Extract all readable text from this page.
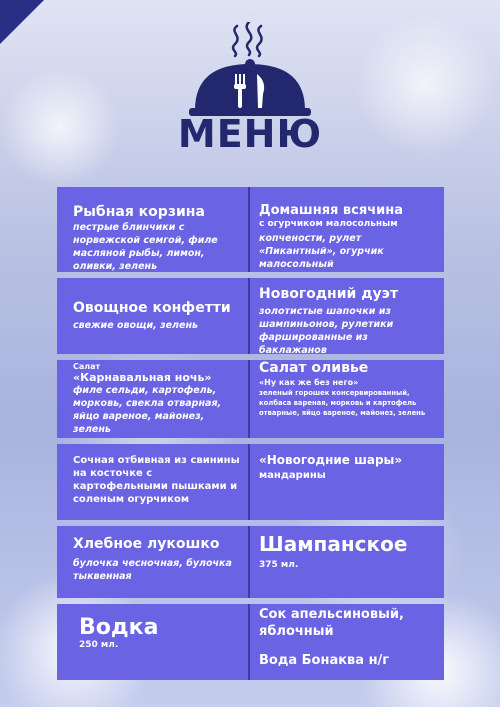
МЕНЮ

Рыбная корзина

пестрые блинчики с норвежской семгой, филе масляной рыбы, лимон, оливки, зелень

Домашняя всячина

с огурчиком малосольным

копчености, рулет «Пикантный», огурчик малосольный

Овощное конфетти

свежие овощи, зелень

Новогодний дуэт

золотистые шапочки из шампиньонов, рулетики фаршированные из баклажанов

Салат

«Карнавальная ночь»

филе сельди, картофель, морковь, свекла отварная, яйцо вареное, майонез, зелень

Салат оливье

«Ну как же без него»

зеленый горошек консервированный, колбаса вареная, морковь и картофель отварные, яйцо вареное, майонез, зелень

Сочная отбивная из свинины на косточке с картофельными пышками и соленым огурчиком

«Новогодние шары»

мандарины

Хлебное лукошко

булочка чесночная, булочка тыквенная

Шампанское

375 мл.

Водка

250 мл.

Сок апельсиновый, яблочный

Вода Бонаква н/г
